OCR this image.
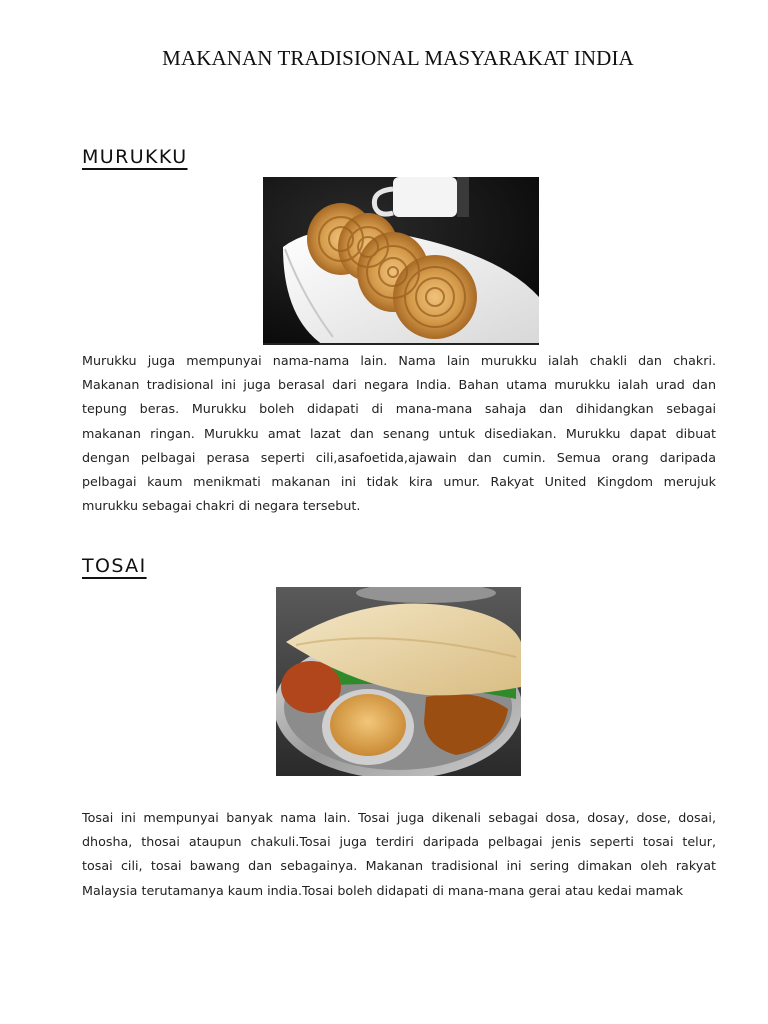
MAKANAN TRADISIONAL MASYARAKAT INDIA
MURUKKU
Murukku juga mempunyai nama-nama lain. Nama lain murukku ialah chakli dan chakri.
Makanan tradisional ini juga berasal dari negara India. Bahan utama murukku ialah urad dan
tepung beras. Murukku boleh didapati di mana-mana sahaja dan dihidangkan sebagai
makanan ringan. Murukku amat lazat dan senang untuk disediakan. Murukku dapat dibuat
dengan pelbagai perasa seperti cili,asafoetida,ajawain dan cumin. Semua orang daripada
pelbagai kaum menikmati makanan ini tidak kira umur. Rakyat United Kingdom merujuk
murukku sebagai chakri di negara tersebut.
TOSAI
Tosai ini mempunyai banyak nama lain. Tosai juga dikenali sebagai dosa, dosay, dose, dosai,
dhosha, thosai ataupun chakuli.Tosai juga terdiri daripada pelbagai jenis seperti tosai telur,
tosai cili, tosai bawang dan sebagainya. Makanan tradisional ini sering dimakan oleh rakyat
Malaysia terutamanya kaum india.Tosai boleh didapati di mana-mana gerai atau kedai mamak
